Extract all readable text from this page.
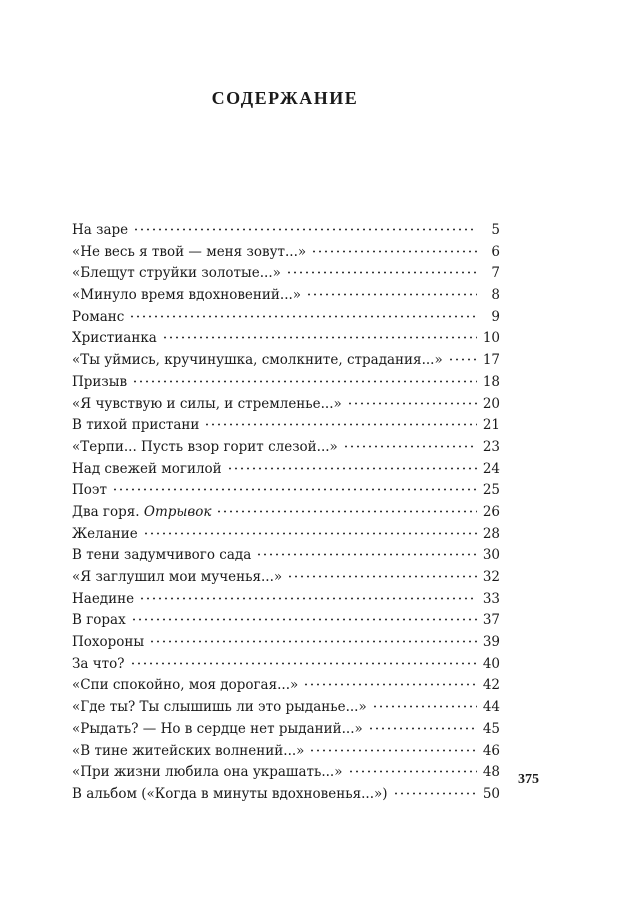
СОДЕРЖАНИЕ
На заре	5
«Не весь я твой — меня зовут...»	6
«Блещут струйки золотые...»	7
«Минуло время вдохновений...»	8
Романс	9
Христианка	10
«Ты уймись, кручинушка, смолкните, страдания...»	17
Призыв	18
«Я чувствую и силы, и стремленье...»	20
В тихой пристани	21
«Терпи... Пусть взор горит слезой...»	23
Над свежей могилой	24
Поэт	25
Два горя. Отрывок	26
Желание	28
В тени задумчивого сада	30
«Я заглушил мои мученья...»	32
Наедине	33
В горах	37
Похороны	39
За что?	40
«Спи спокойно, моя дорогая...»	42
«Где ты? Ты слышишь ли это рыданье...»	44
«Рыдать? — Но в сердце нет рыданий...»	45
«В тине житейских волнений...»	46
«При жизни любила она украшать...»	48
В альбом («Когда в минуты вдохновенья...»)	50
375
